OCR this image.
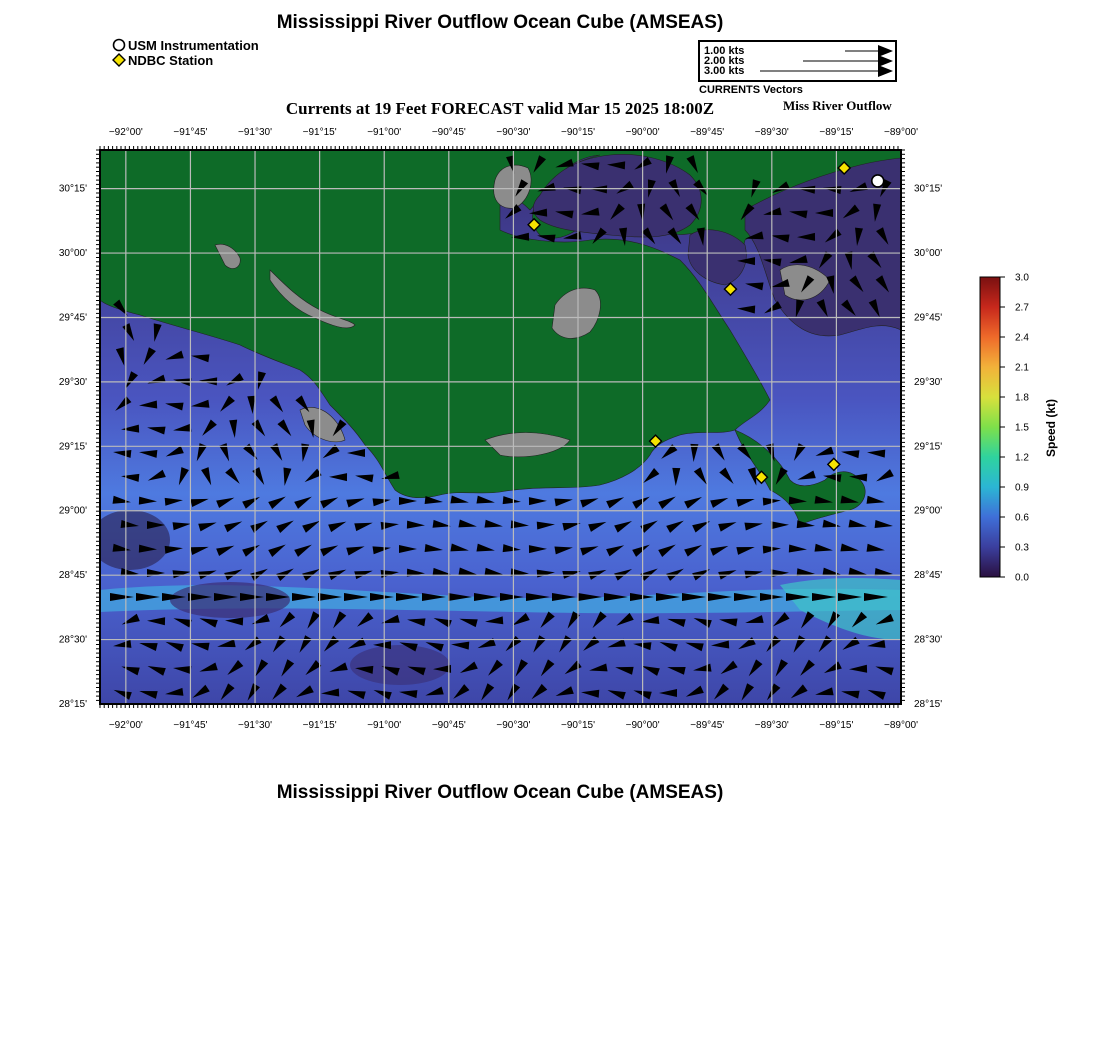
Mississippi River Outflow Ocean Cube (AMSEAS)
USM Instrumentation
NDBC Station
1.00 kts
2.00 kts
3.00 kts
CURRENTS Vectors
Currents at 19 Feet FORECAST valid Mar 15 2025 18:00Z	Miss River Outflow
−92°00'	−91°45'	−91°30'	−91°15'	−91°00'	−90°45'	−90°30'	−90°15'	−90°00'	−89°45'	−89°30'	−89°15'	−89°00'
−92°00'	−91°45'	−91°30'	−91°15'	−91°00'	−90°45'	−90°30'	−90°15'	−90°00'	−89°45'	−89°30'	−89°15'	−89°00'
30°15'
30°00'
29°45'
29°30'
29°15'
29°00'
28°45'
28°30'
28°15'
30°15'
30°00'
29°45'
29°30'
29°15'
29°00'
28°45'
28°30'
28°15'
3.0
2.7
2.4
2.1
1.8
1.5
1.2
0.9
0.6
0.3
0.0
Speed (kt)
Mississippi River Outflow Ocean Cube (AMSEAS)
